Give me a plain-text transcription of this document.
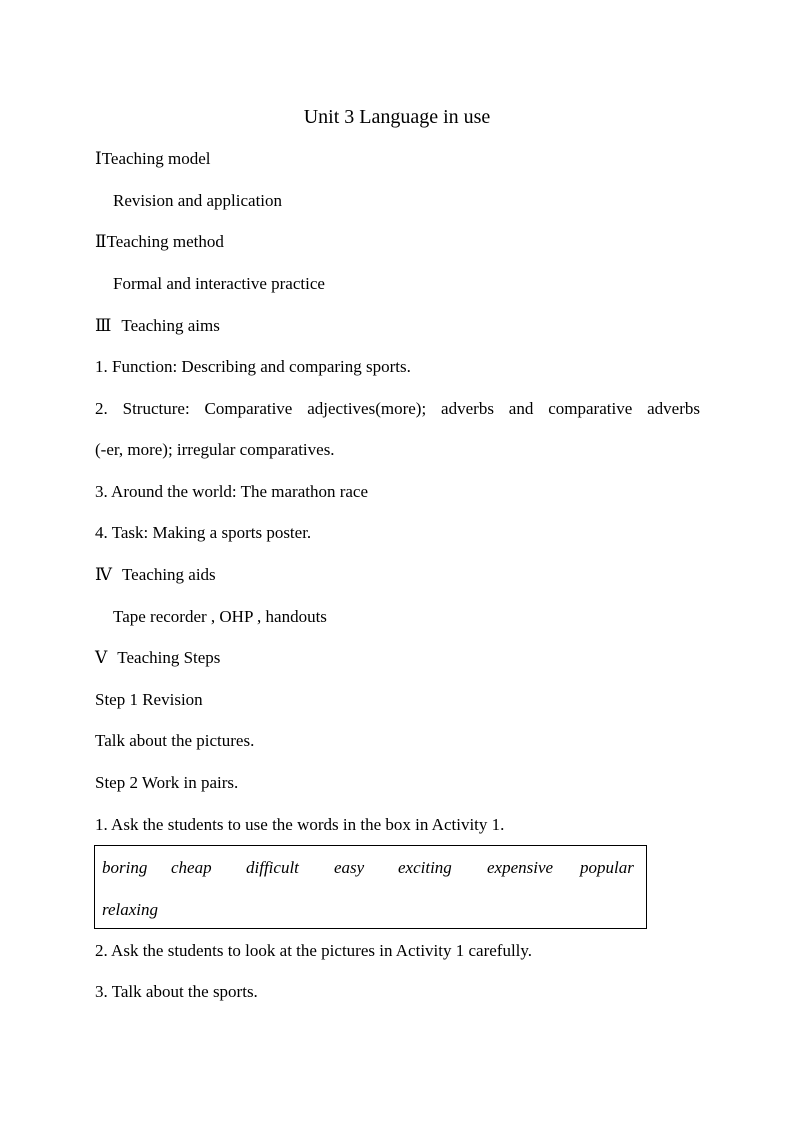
Unit 3 Language in use
ⅠTeaching model
Revision and application
ⅡTeaching method
Formal and interactive practice
Ⅲ Teaching aims
1. Function: Describing and comparing sports.
2. Structure: Comparative adjectives(more); adverbs and comparative adverbs
(-er, more); irregular comparatives.
3. Around the world: The marathon race
4. Task: Making a sports poster.
Ⅳ Teaching aids
Tape recorder , OHP , handouts
Ⅴ Teaching Steps
Step 1 Revision
Talk about the pictures.
Step 2 Work in pairs.
1. Ask the students to use the words in the box in Activity 1.
boring cheap difficult easy exciting expensive popular
relaxing
2. Ask the students to look at the pictures in Activity 1 carefully.
3. Talk about the sports.
